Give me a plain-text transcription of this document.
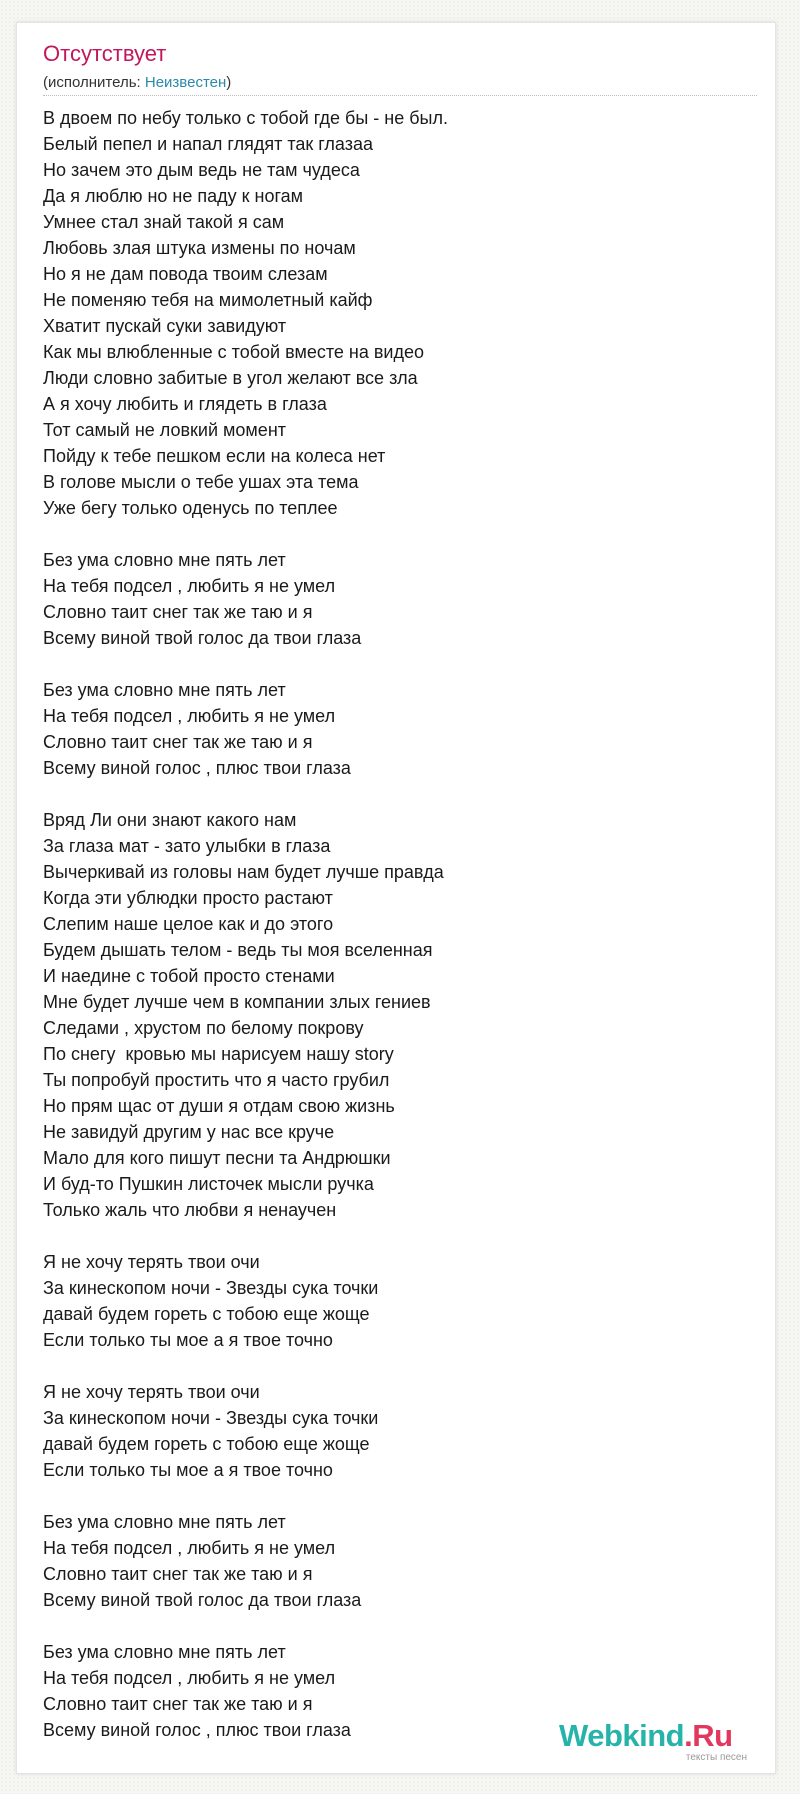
Отсутствует
(исполнитель: Неизвестен)
В двоем по небу только с тобой где бы - не был.
Белый пепел и напал глядят так глазаа
Но зачем это дым ведь не там чудеса
Да я люблю но не паду к ногам
Умнее стал знай такой я сам
Любовь злая штука измены по ночам
Но я не дам повода твоим слезам
Не поменяю тебя на мимолетный кайф
Хватит пускай суки завидуют
Как мы влюбленные с тобой вместе на видео
Люди словно забитые в угол желают все зла
А я хочу любить и глядеть в глаза
Тот самый не ловкий момент
Пойду к тебе пешком если на колеса нет
В голове мысли о тебе ушах эта тема
Уже бегу только оденусь по теплее
Без ума словно мне пять лет
На тебя подсел , любить я не умел
Словно таит снег так же таю и я
Всему виной твой голос да твои глаза
Без ума словно мне пять лет
На тебя подсел , любить я не умел
Словно таит снег так же таю и я
Всему виной голос , плюс твои глаза
Вряд Ли они знают какого нам
За глаза мат - зато улыбки в глаза
Вычеркивай из головы нам будет лучше правда
Когда эти ублюдки просто растают
Слепим наше целое как и до этого
Будем дышать телом - ведь ты моя вселенная
И наедине с тобой просто стенами
Мне будет лучше чем в компании злых гениев
Следами , хрустом по белому покрову
По снегу  кровью мы нарисуем нашу story
Ты попробуй простить что я часто грубил
Но прям щас от души я отдам свою жизнь
Не завидуй другим у нас все круче
Мало для кого пишут песни та Андрюшки
И буд-то Пушкин листочек мысли ручка
Только жаль что любви я ненаучен
Я не хочу терять твои очи
За кинескопом ночи - Звезды сука точки
давай будем гореть с тобою еще жоще
Если только ты мое а я твое точно
Я не хочу терять твои очи
За кинескопом ночи - Звезды сука точки
давай будем гореть с тобою еще жоще
Если только ты мое а я твое точно
Без ума словно мне пять лет
На тебя подсел , любить я не умел
Словно таит снег так же таю и я
Всему виной твой голос да твои глаза
Без ума словно мне пять лет
На тебя подсел , любить я не умел
Словно таит снег так же таю и я
Всему виной голос , плюс твои глаза	Webkind.Ru
тексты песен
